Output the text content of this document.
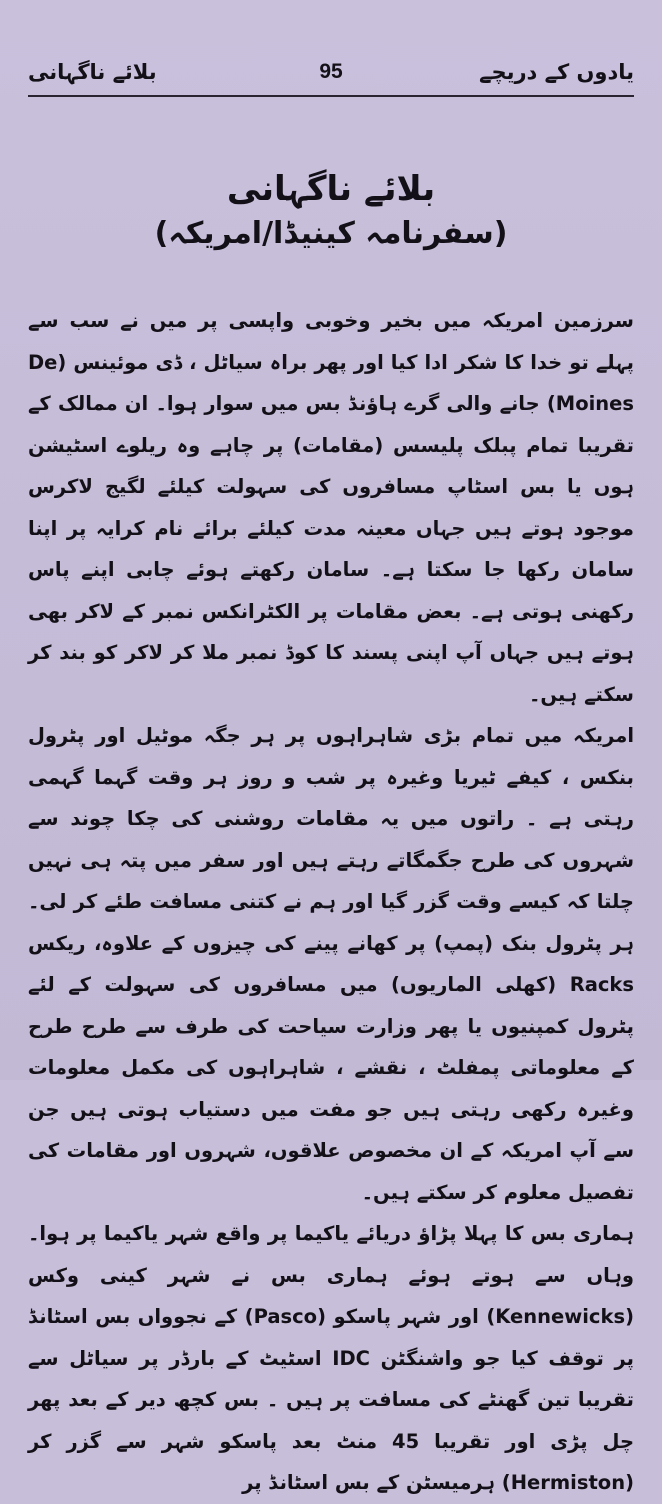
یادوں کے دریچے
95
بلائے ناگہانی
بلائے ناگہانی
(سفرنامہ کینیڈا/امریکہ)

سرزمین امریکہ میں بخیر وخوبی واپسی پر میں نے سب سے پہلے تو خدا کا شکر ادا کیا اور پھر براہ سیاٹل ، ڈی موئینس (De Moines) جانے والی گرے ہاؤنڈ بس میں سوار ہوا۔ ان ممالک کے تقریبا تمام پبلک پلیسس (مقامات) پر چاہے وہ ریلوے اسٹیشن ہوں یا بس اسٹاپ مسافروں کی سہولت کیلئے لگیج لاکرس موجود ہوتے ہیں جہاں معینہ مدت کیلئے برائے نام کرایہ پر اپنا سامان رکھا جا سکتا ہے۔ سامان رکھتے ہوئے چابی اپنے پاس رکھنی ہوتی ہے۔ بعض مقامات پر الکٹرانکس نمبر کے لاکر بھی ہوتے ہیں جہاں آپ اپنی پسند کا کوڈ نمبر ملا کر لاکر کو بند کر سکتے ہیں۔

امریکہ میں تمام بڑی شاہراہوں پر ہر جگہ موٹیل اور پٹرول بنکس ، کیفے ٹیریا وغیرہ پر شب و روز ہر وقت گہما گہمی رہتی ہے ۔ راتوں میں یہ مقامات روشنی کی چکا چوند سے شہروں کی طرح جگمگاتے رہتے ہیں اور سفر میں پتہ ہی نہیں چلتا کہ کیسے وقت گزر گیا اور ہم نے کتنی مسافت طئے کر لی۔ ہر پٹرول بنک (پمپ) پر کھانے پینے کی چیزوں کے علاوہ، ریکس Racks (کھلی الماریوں) میں مسافروں کی سہولت کے لئے پٹرول کمپنیوں یا پھر وزارت سیاحت کی طرف سے طرح طرح کے معلوماتی پمفلٹ ، نقشے ، شاہراہوں کی مکمل معلومات وغیرہ رکھی رہتی ہیں جو مفت میں دستیاب ہوتی ہیں جن سے آپ امریکہ کے ان مخصوص علاقوں، شہروں اور مقامات کی تفصیل معلوم کر سکتے ہیں۔

ہماری بس کا پہلا پڑاؤ دریائے یاکیما پر واقع شہر یاکیما پر ہوا۔ وہاں سے ہوتے ہوئے ہماری بس نے شہر کینی وکس (Kennewicks) اور شہر پاسکو (Pasco) کے نجوواں بس اسٹانڈ پر توقف کیا جو واشنگٹن IDC اسٹیٹ کے بارڈر پر سیاٹل سے تقریبا تین گھنٹے کی مسافت پر ہیں ۔ بس کچھ دیر کے بعد پھر چل پڑی اور تقریبا 45 منٹ بعد پاسکو شہر سے گزر کر (Hermiston) ہرمیسٹن کے بس اسٹانڈ پر
